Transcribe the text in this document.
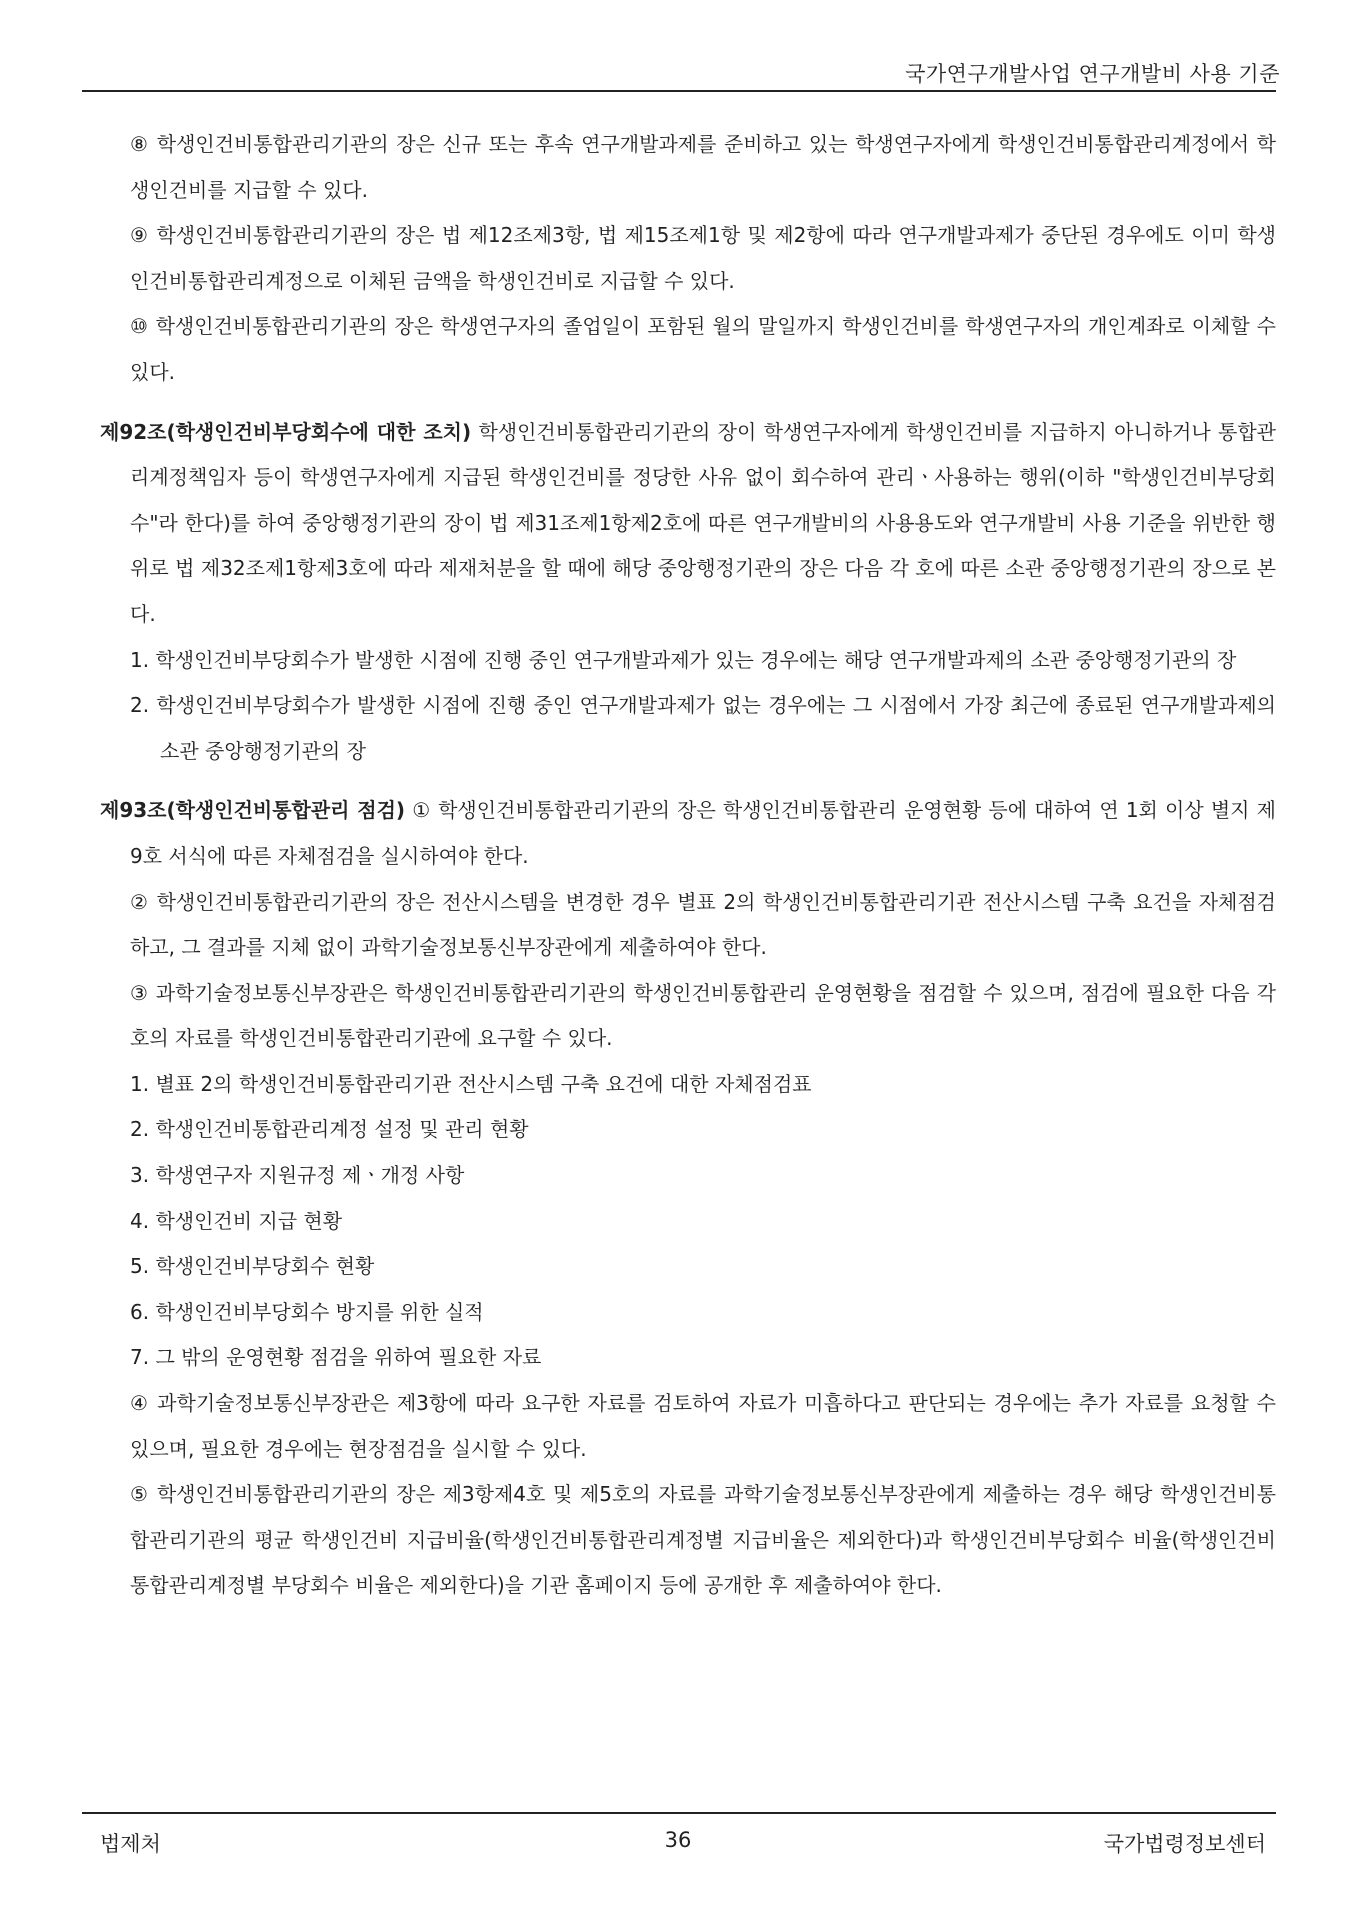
국가연구개발사업 연구개발비 사용 기준

⑧ 학생인건비통합관리기관의 장은 신규 또는 후속 연구개발과제를 준비하고 있는 학생연구자에게 학생인건비통합관리계정에서 학생인건비를 지급할 수 있다.

⑨ 학생인건비통합관리기관의 장은 법 제12조제3항, 법 제15조제1항 및 제2항에 따라 연구개발과제가 중단된 경우에도 이미 학생인건비통합관리계정으로 이체된 금액을 학생인건비로 지급할 수 있다.

⑩ 학생인건비통합관리기관의 장은 학생연구자의 졸업일이 포함된 월의 말일까지 학생인건비를 학생연구자의 개인계좌로 이체할 수 있다.

제92조(학생인건비부당회수에 대한 조치) 학생인건비통합관리기관의 장이 학생연구자에게 학생인건비를 지급하지 아니하거나 통합관리계정책임자 등이 학생연구자에게 지급된 학생인건비를 정당한 사유 없이 회수하여 관리ㆍ사용하는 행위(이하 "학생인건비부당회수"라 한다)를 하여 중앙행정기관의 장이 법 제31조제1항제2호에 따른 연구개발비의 사용용도와 연구개발비 사용 기준을 위반한 행위로 법 제32조제1항제3호에 따라 제재처분을 할 때에 해당 중앙행정기관의 장은 다음 각 호에 따른 소관 중앙행정기관의 장으로 본다.

1. 학생인건비부당회수가 발생한 시점에 진행 중인 연구개발과제가 있는 경우에는 해당 연구개발과제의 소관 중앙행정기관의 장

2. 학생인건비부당회수가 발생한 시점에 진행 중인 연구개발과제가 없는 경우에는 그 시점에서 가장 최근에 종료된 연구개발과제의 소관 중앙행정기관의 장

제93조(학생인건비통합관리 점검) ① 학생인건비통합관리기관의 장은 학생인건비통합관리 운영현황 등에 대하여 연 1회 이상 별지 제9호 서식에 따른 자체점검을 실시하여야 한다.

② 학생인건비통합관리기관의 장은 전산시스템을 변경한 경우 별표 2의 학생인건비통합관리기관 전산시스템 구축 요건을 자체점검하고, 그 결과를 지체 없이 과학기술정보통신부장관에게 제출하여야 한다.

③ 과학기술정보통신부장관은 학생인건비통합관리기관의 학생인건비통합관리 운영현황을 점검할 수 있으며, 점검에 필요한 다음 각 호의 자료를 학생인건비통합관리기관에 요구할 수 있다.

1. 별표 2의 학생인건비통합관리기관 전산시스템 구축 요건에 대한 자체점검표

2. 학생인건비통합관리계정 설정 및 관리 현황

3. 학생연구자 지원규정 제ㆍ개정 사항

4. 학생인건비 지급 현황

5. 학생인건비부당회수 현황

6. 학생인건비부당회수 방지를 위한 실적

7. 그 밖의 운영현황 점검을 위하여 필요한 자료

④ 과학기술정보통신부장관은 제3항에 따라 요구한 자료를 검토하여 자료가 미흡하다고 판단되는 경우에는 추가 자료를 요청할 수 있으며, 필요한 경우에는 현장점검을 실시할 수 있다.

⑤ 학생인건비통합관리기관의 장은 제3항제4호 및 제5호의 자료를 과학기술정보통신부장관에게 제출하는 경우 해당 학생인건비통합관리기관의 평균 학생인건비 지급비율(학생인건비통합관리계정별 지급비율은 제외한다)과 학생인건비부당회수 비율(학생인건비통합관리계정별 부당회수 비율은 제외한다)을 기관 홈페이지 등에 공개한 후 제출하여야 한다.

법제처	36	국가법령정보센터
